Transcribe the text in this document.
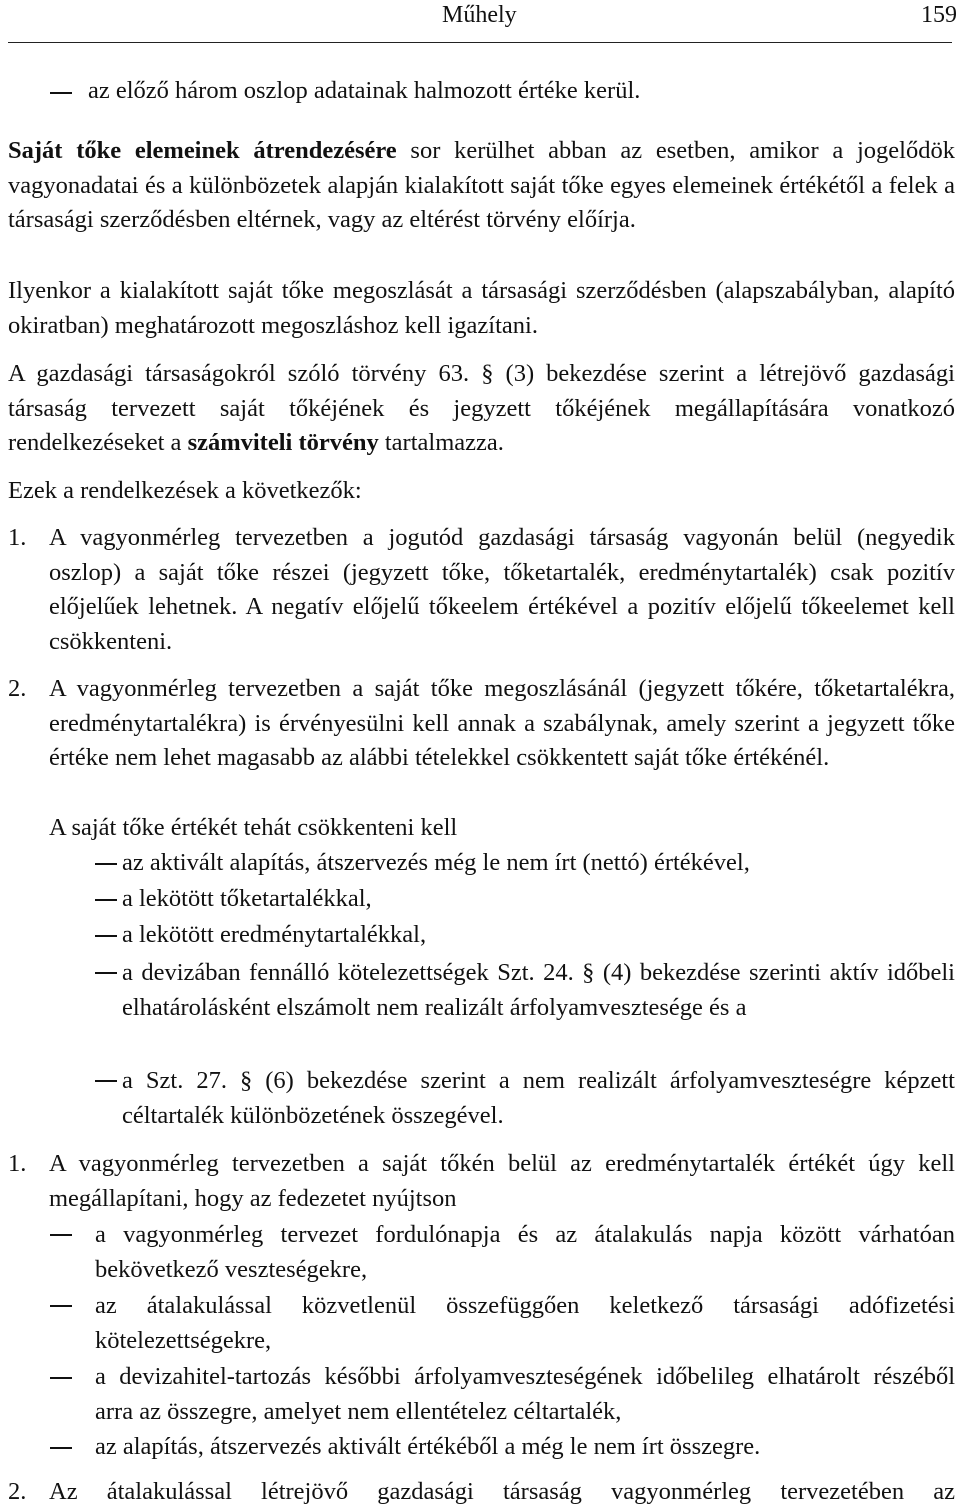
Műhely	159
az előző három oszlop adatainak halmozott értéke kerül.
Saját tőke elemeinek átrendezésére sor kerülhet abban az esetben, amikor a jogelődök vagyonadatai és a különbözetek alapján kialakított saját tőke egyes elemeinek értékétől a felek a társasági szerződésben eltérnek, vagy az eltérést törvény előírja.
Ilyenkor a kialakított saját tőke megoszlását a társasági szerződésben (alapszabályban, alapító okiratban) meghatározott megoszláshoz kell igazítani.
A gazdasági társaságokról szóló törvény 63. § (3) bekezdése szerint a létrejövő gazdasági társaság tervezett saját tőkéjének és jegyzett tőkéjének megállapítására vonatkozó rendelkezéseket a számviteli törvény tartalmazza.
Ezek a rendelkezések a következők:
1. A vagyonmérleg tervezetben a jogutód gazdasági társaság vagyonán belül (negyedik oszlop) a saját tőke részei (jegyzett tőke, tőketartalék, eredménytartalék) csak pozitív előjelűek lehetnek. A negatív előjelű tőkeelem értékével a pozitív előjelű tőkeelemet kell csökkenteni.
2. A vagyonmérleg tervezetben a saját tőke megoszlásánál (jegyzett tőkére, tőketartalékra, eredménytartalékra) is érvényesülni kell annak a szabálynak, amely szerint a jegyzett tőke értéke nem lehet magasabb az alábbi tételekkel csökkentett saját tőke értékénél.
A saját tőke értékét tehát csökkenteni kell
az aktivált alapítás, átszervezés még le nem írt (nettó) értékével,
a lekötött tőketartalékkal,
a lekötött eredménytartalékkal,
a devizában fennálló kötelezettségek Szt. 24. § (4) bekezdése szerinti aktív időbeli elhatárolásként elszámolt nem realizált árfolyamvesztesége és a
a Szt. 27. § (6) bekezdése szerint a nem realizált árfolyamveszteségre képzett céltartalék különbözetének összegével.
1. A vagyonmérleg tervezetben a saját tőkén belül az eredménytartalék értékét úgy kell megállapítani, hogy az fedezetet nyújtson
a vagyonmérleg tervezet fordulónapja és az átalakulás napja között várhatóan bekövetkező veszteségekre,
az átalakulással közvetlenül összefüggően keletkező társasági adófizetési kötelezettségekre,
a devizahitel-tartozás későbbi árfolyamveszteségének időbelileg elhatárolt részéből arra az összegre, amelyet nem ellentételez céltartalék,
az alapítás, átszervezés aktivált értékéből a még le nem írt összegre.
2. Az átalakulással létrejövő gazdasági társaság vagyonmérleg tervezetében az
